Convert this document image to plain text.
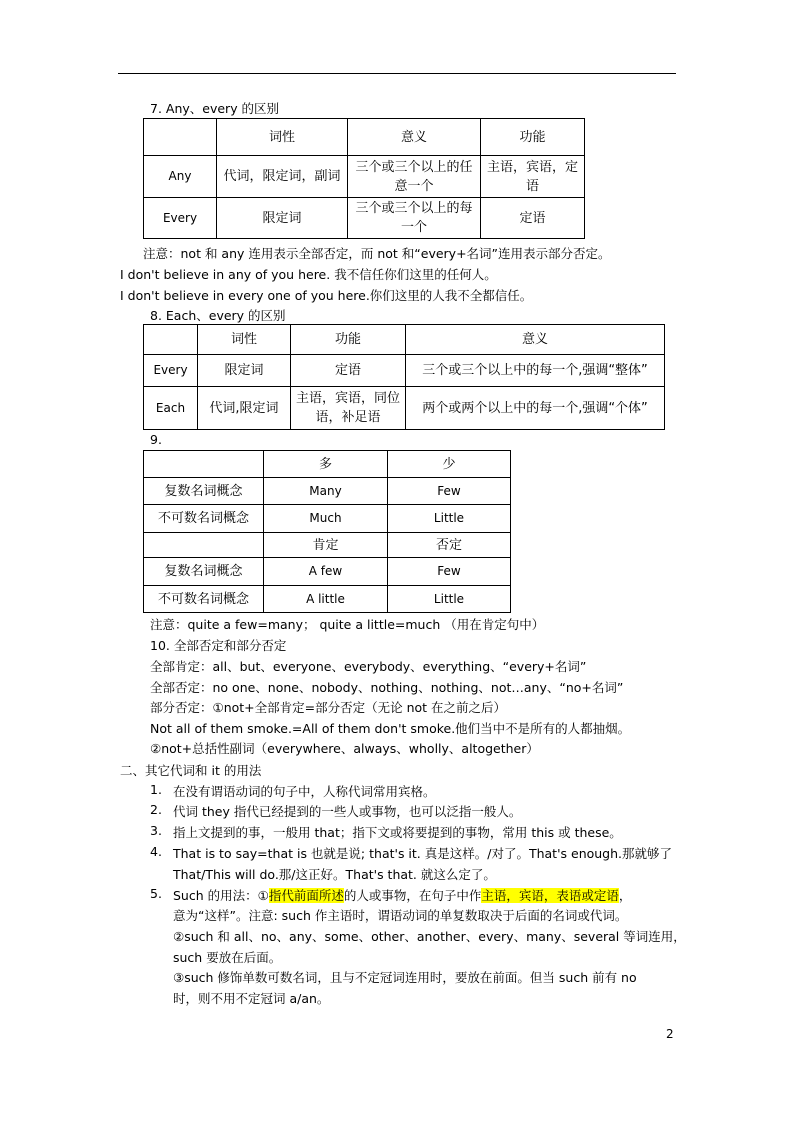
7. Any、every 的区别
	词性	意义	功能
Any	代词，限定词，副词	三个或三个以上的任意一个	主语，宾语，定语
Every	限定词	三个或三个以上的每一个	定语
注意：not 和 any 连用表示全部否定，而 not 和“every+名词”连用表示部分否定。
I don't believe in any of you here. 我不信任你们这里的任何人。
I don't believe in every one of you here.你们这里的人我不全都信任。
8. Each、every 的区别
	词性	功能	意义
Every	限定词	定语	三个或三个以上中的每一个,强调“整体”
Each	代词,限定词	主语，宾语，同位语，补足语	两个或两个以上中的每一个,强调“个体”
9.
	多	少
复数名词概念	Many	Few
不可数名词概念	Much	Little
	肯定	否定
复数名词概念	A few	Few
不可数名词概念	A little	Little
注意：quite a few=many； quite a little=much （用在肯定句中）
10. 全部否定和部分否定
全部肯定：all、but、everyone、everybody、everything、“every+名词”
全部否定：no one、none、nobody、nothing、nothing、not…any、“no+名词”
部分否定：①not+全部肯定=部分否定（无论 not 在之前之后）
Not all of them smoke.=All of them don't smoke.他们当中不是所有的人都抽烟。
②not+总括性副词（everywhere、always、wholly、altogether）
二、其它代词和 it 的用法
1. 在没有谓语动词的句子中，人称代词常用宾格。
2. 代词 they 指代已经提到的一些人或事物，也可以泛指一般人。
3. 指上文提到的事，一般用 that；指下文或将要提到的事物，常用 this 或 these。
4. That is to say=that is 也就是说; that's it. 真是这样。/对了。That's enough.那就够了
That/This will do.那/这正好。That's that. 就这么定了。
5. Such 的用法：①指代前面所述的人或事物，在句子中作主语，宾语，表语或定语，
意为“这样”。注意: such 作主语时，谓语动词的单复数取决于后面的名词或代词。
②such 和 all、no、any、some、other、another、every、many、several 等词连用，
such 要放在后面。
③such 修饰单数可数名词，且与不定冠词连用时，要放在前面。但当 such 前有 no
时，则不用不定冠词 a/an。
2
